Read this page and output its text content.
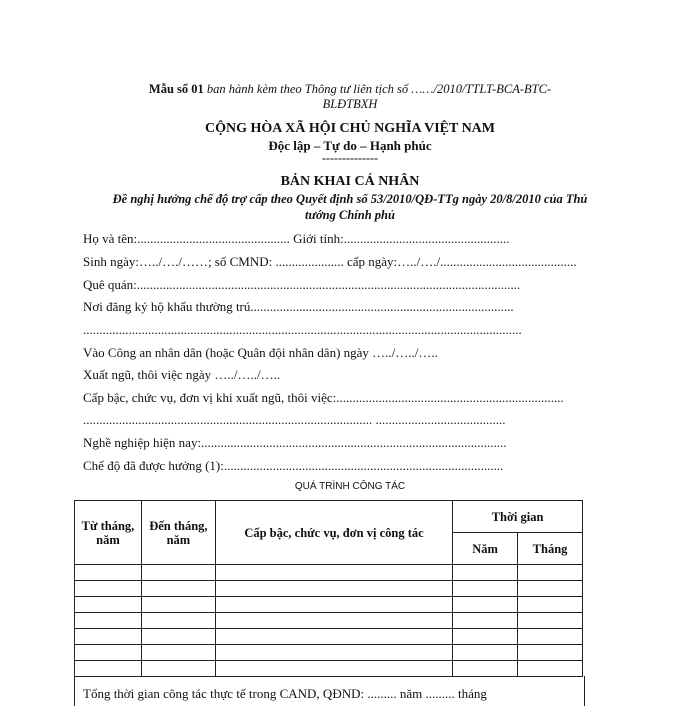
Mẫu số 01 ban hành kèm theo Thông tư liên tịch số ……/2010/TTLT-BCA-BTC-
BLĐTBXH
CỘNG HÒA XÃ HỘI CHỦ NGHĨA VIỆT NAM
Độc lập – Tự do – Hạnh phúc
--------------
BẢN KHAI CÁ NHÂN
Đề nghị hưởng chế độ trợ cấp theo Quyết định số 53/2010/QĐ-TTg ngày 20/8/2010 của Thủ
tướng Chính phủ
Họ và tên:............................................... Giới tính:...................................................
Sinh ngày:…../…./……; số CMND: ..................... cấp ngày:…../…./..........................................
Quê quán:......................................................................................................................
Nơi đăng ký hộ khẩu thường trú.................................................................................
.......................................................................................................................................
Vào Công an nhân dân (hoặc Quân đội nhân dân) ngày …../…../…..
Xuất ngũ, thôi việc ngày …../…../…..
Cấp bậc, chức vụ, đơn vị khi xuất ngũ, thôi việc:......................................................................
......................................................................................... ........................................
Nghề nghiệp hiện nay:..............................................................................................
Chế độ đã được hưởng (1):......................................................................................
QUÁ TRÌNH CÔNG TÁC
Từ tháng, năm	Đến tháng, năm	Cấp bậc, chức vụ, đơn vị công tác	Thời gian	
			Năm	Tháng

Tổng thời gian công tác thực tế trong CAND, QĐND: ......... năm ......... tháng
